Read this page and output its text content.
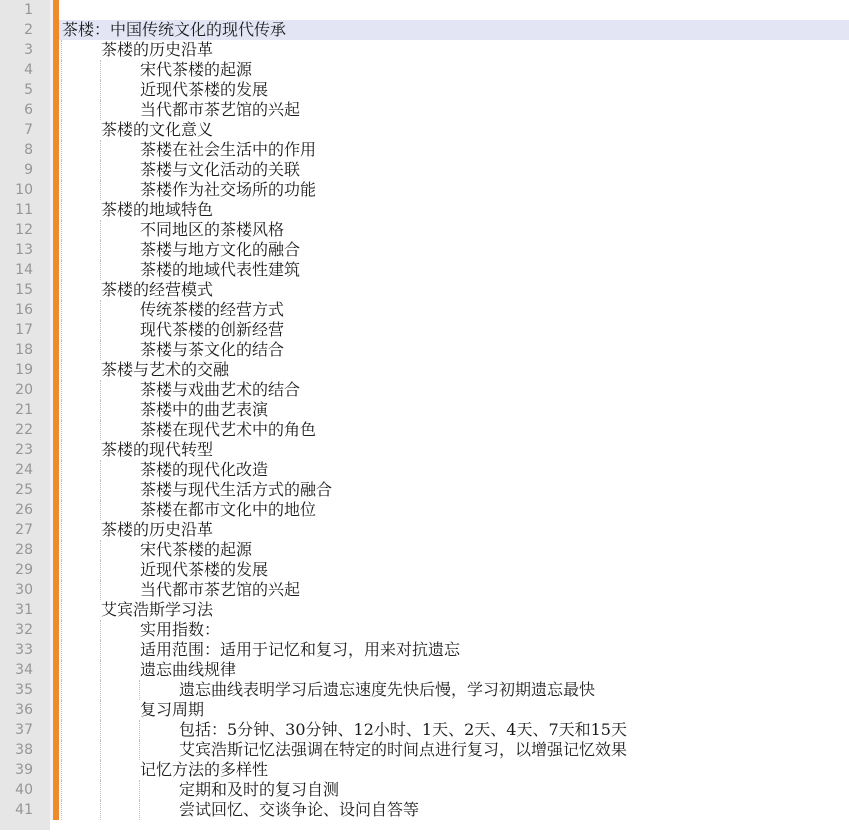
1
2 茶楼：中国传统文化的现代传承
3	茶楼的历史沿革
4	宋代茶楼的起源
5	近现代茶楼的发展
6	当代都市茶艺馆的兴起
7	茶楼的文化意义
8	茶楼在社会生活中的作用
9	茶楼与文化活动的关联
10	茶楼作为社交场所的功能
11	茶楼的地域特色
12	不同地区的茶楼风格
13	茶楼与地方文化的融合
14	茶楼的地域代表性建筑
15	茶楼的经营模式
16	传统茶楼的经营方式
17	现代茶楼的创新经营
18	茶楼与茶文化的结合
19	茶楼与艺术的交融
20	茶楼与戏曲艺术的结合
21	茶楼中的曲艺表演
22	茶楼在现代艺术中的角色
23	茶楼的现代转型
24	茶楼的现代化改造
25	茶楼与现代生活方式的融合
26	茶楼在都市文化中的地位
27	茶楼的历史沿革
28	宋代茶楼的起源
29	近现代茶楼的发展
30	当代都市茶艺馆的兴起
31	艾宾浩斯学习法
32	实用指数：
33	适用范围：适用于记忆和复习，用来对抗遗忘
34	遗忘曲线规律
35	遗忘曲线表明学习后遗忘速度先快后慢，学习初期遗忘最快
36	复习周期
37	包括：5分钟、30分钟、12小时、1天、2天、4天、7天和15天
38	艾宾浩斯记忆法强调在特定的时间点进行复习，以增强记忆效果
39	记忆方法的多样性
40	定期和及时的复习自测
41	尝试回忆、交谈争论、设问自答等
